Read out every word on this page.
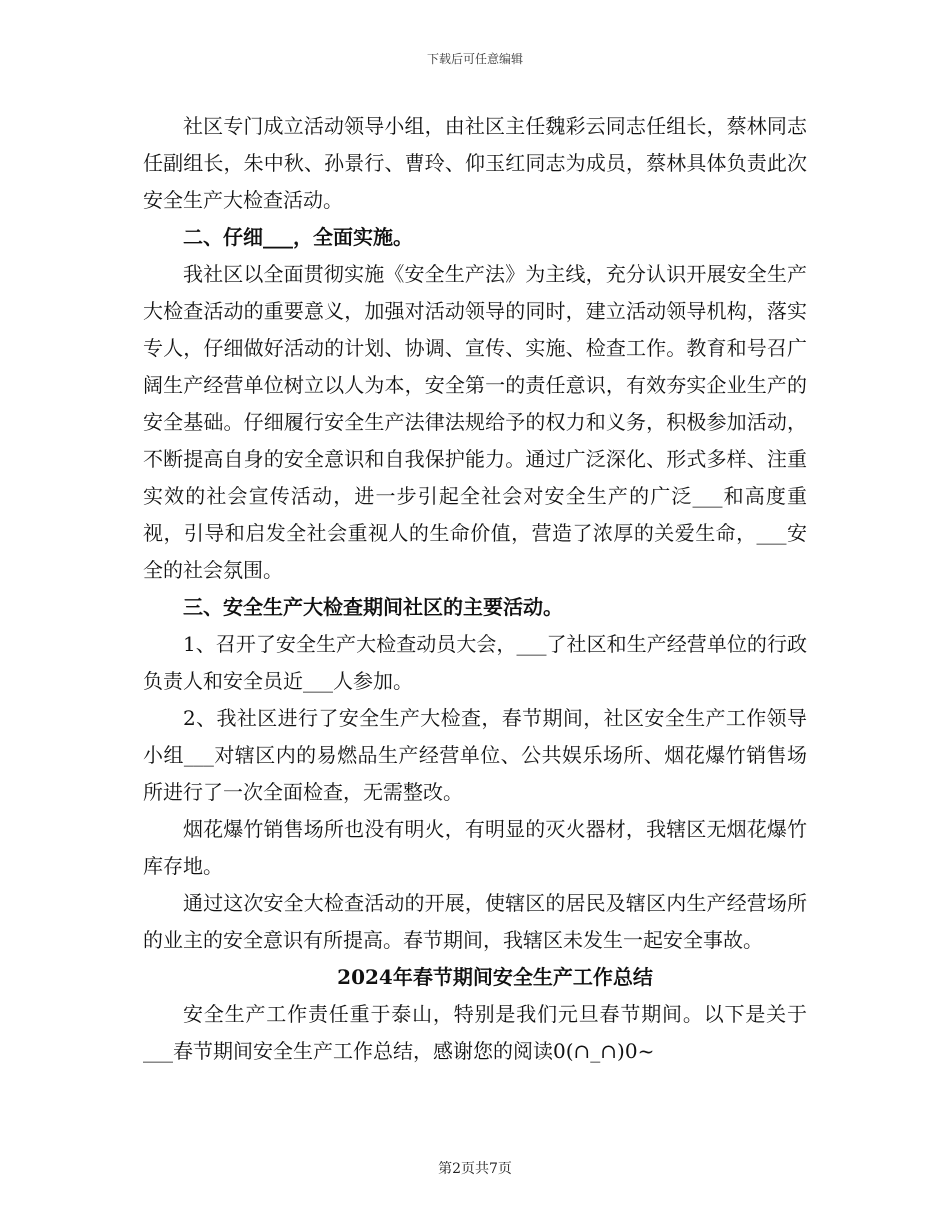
下载后可任意编辑

社区专门成立活动领导小组，由社区主任魏彩云同志任组长，蔡林同志任副组长，朱中秋、孙景行、曹玲、仰玉红同志为成员，蔡林具体负责此次安全生产大检查活动。

二、仔细___，全面实施。

我社区以全面贯彻实施《安全生产法》为主线，充分认识开展安全生产大检查活动的重要意义，加强对活动领导的同时，建立活动领导机构，落实专人，仔细做好活动的计划、协调、宣传、实施、检查工作。教育和号召广阔生产经营单位树立以人为本，安全第一的责任意识，有效夯实企业生产的安全基础。仔细履行安全生产法律法规给予的权力和义务，积极参加活动，不断提高自身的安全意识和自我保护能力。通过广泛深化、形式多样、注重实效的社会宣传活动，进一步引起全社会对安全生产的广泛___和高度重视，引导和启发全社会重视人的生命价值，营造了浓厚的关爱生命，___安全的社会氛围。

三、安全生产大检查期间社区的主要活动。

1、召开了安全生产大检查动员大会，___了社区和生产经营单位的行政负责人和安全员近___人参加。

2、我社区进行了安全生产大检查，春节期间，社区安全生产工作领导小组___对辖区内的易燃品生产经营单位、公共娱乐场所、烟花爆竹销售场所进行了一次全面检查，无需整改。

烟花爆竹销售场所也没有明火，有明显的灭火器材，我辖区无烟花爆竹库存地。

通过这次安全大检查活动的开展，使辖区的居民及辖区内生产经营场所的业主的安全意识有所提高。春节期间，我辖区未发生一起安全事故。

2024年春节期间安全生产工作总结

安全生产工作责任重于泰山，特别是我们元旦春节期间。以下是关于___春节期间安全生产工作总结，感谢您的阅读0(∩_∩)0~

第2页共7页
